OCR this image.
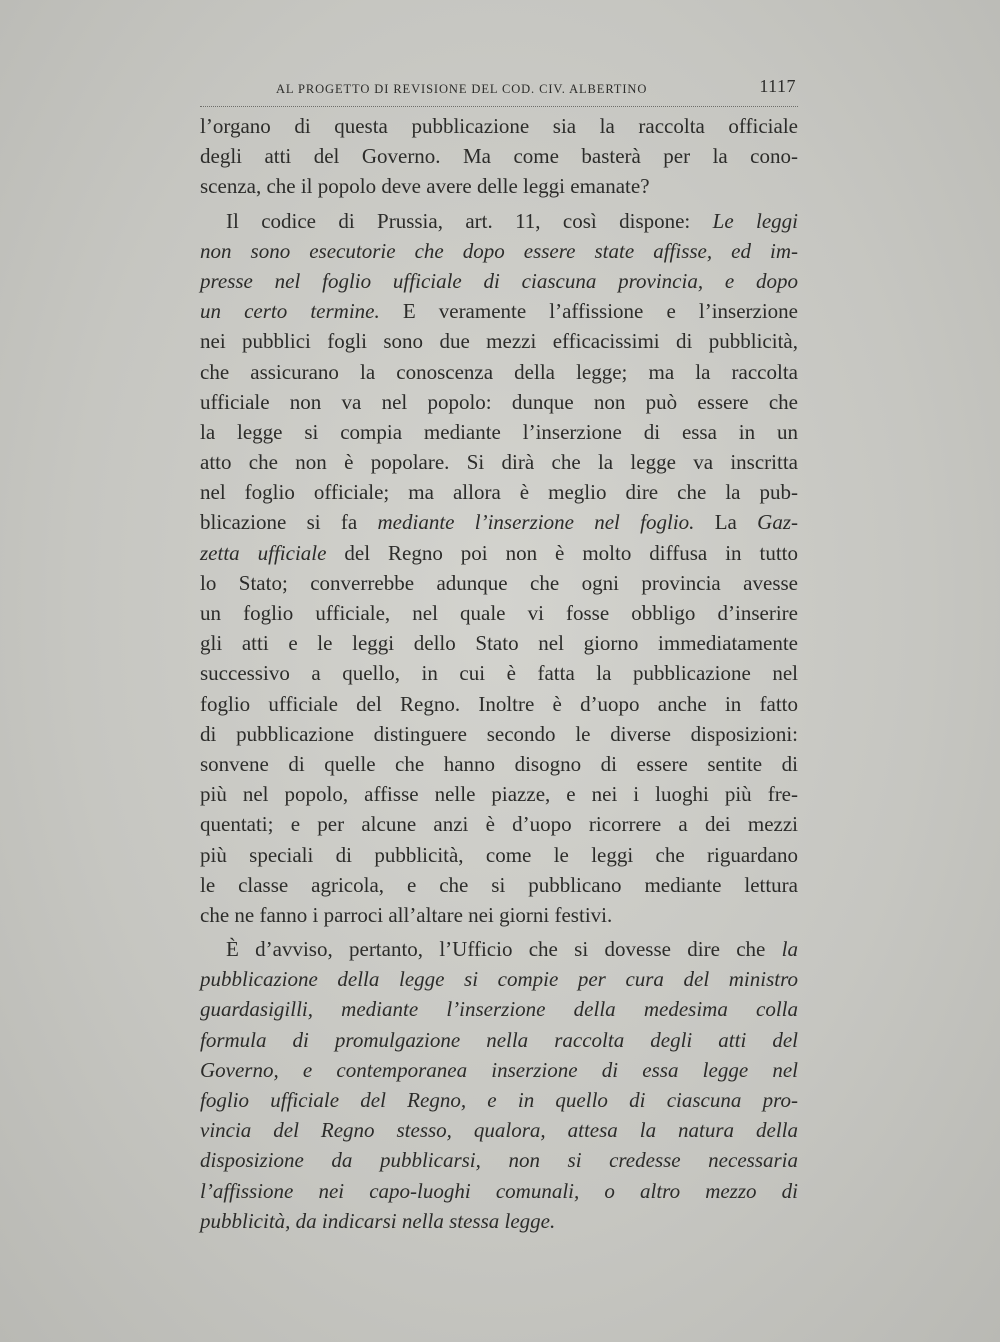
AL PROGETTO DI REVISIONE DEL COD. CIV. ALBERTINO	1117
l’organo di questa pubblicazione sia la raccolta officiale
degli atti del Governo. Ma come basterà per la cono-
scenza, che il popolo deve avere delle leggi emanate?
Il codice di Prussia, art. 11, così dispone: Le leggi
non sono esecutorie che dopo essere state affisse, ed im-
presse nel foglio ufficiale di ciascuna provincia, e dopo
un certo termine. E veramente l’affissione e l’inserzione
nei pubblici fogli sono due mezzi efficacissimi di pubblicità,
che assicurano la conoscenza della legge; ma la raccolta
ufficiale non va nel popolo: dunque non può essere che
la legge si compia mediante l’inserzione di essa in un
atto che non è popolare. Si dirà che la legge va inscritta
nel foglio officiale; ma allora è meglio dire che la pub-
blicazione si fa mediante l’inserzione nel foglio. La Gaz-
zetta ufficiale del Regno poi non è molto diffusa in tutto
lo Stato; converrebbe adunque che ogni provincia avesse
un foglio ufficiale, nel quale vi fosse obbligo d’inserire
gli atti e le leggi dello Stato nel giorno immediatamente
successivo a quello, in cui è fatta la pubblicazione nel
foglio ufficiale del Regno. Inoltre è d’uopo anche in fatto
di pubblicazione distinguere secondo le diverse disposizioni:
sonvene di quelle che hanno disogno di essere sentite di
più nel popolo, affisse nelle piazze, e nei i luoghi più fre-
quentati; e per alcune anzi è d’uopo ricorrere a dei mezzi
più speciali di pubblicità, come le leggi che riguardano
le classe agricola, e che si pubblicano mediante lettura
che ne fanno i parroci all’altare nei giorni festivi.
È d’avviso, pertanto, l’Ufficio che si dovesse dire che la
pubblicazione della legge si compie per cura del ministro
guardasigilli, mediante l’inserzione della medesima colla
formula di promulgazione nella raccolta degli atti del
Governo, e contemporanea inserzione di essa legge nel
foglio ufficiale del Regno, e in quello di ciascuna pro-
vincia del Regno stesso, qualora, attesa la natura della
disposizione da pubblicarsi, non si credesse necessaria
l’affissione nei capo-luoghi comunali, o altro mezzo di
pubblicità, da indicarsi nella stessa legge.
